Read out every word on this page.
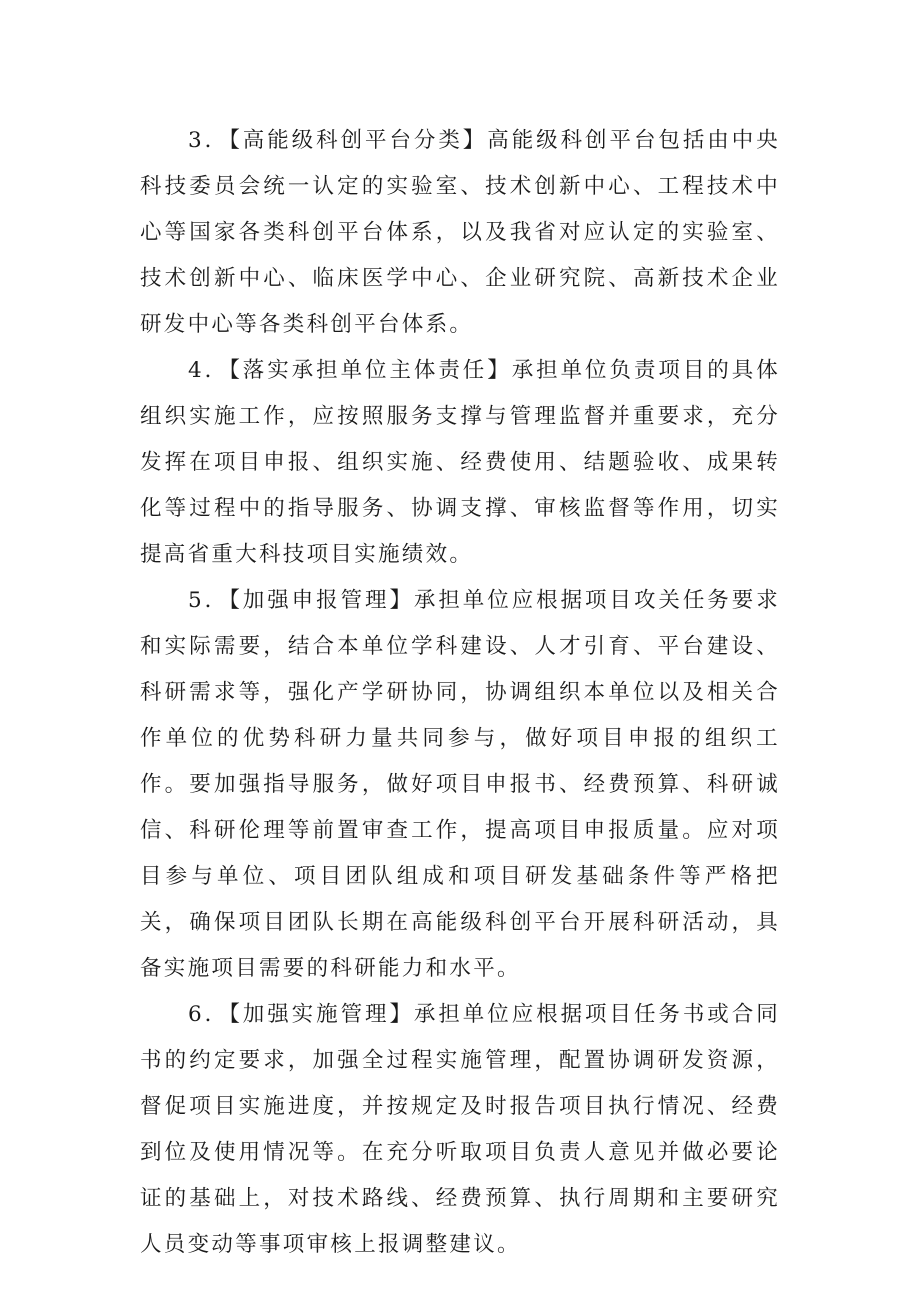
3．【高能级科创平台分类】高能级科创平台包括由中央科技委员会统一认定的实验室、技术创新中心、工程技术中心等国家各类科创平台体系，以及我省对应认定的实验室、技术创新中心、临床医学中心、企业研究院、高新技术企业研发中心等各类科创平台体系。

4．【落实承担单位主体责任】承担单位负责项目的具体组织实施工作，应按照服务支撑与管理监督并重要求，充分发挥在项目申报、组织实施、经费使用、结题验收、成果转化等过程中的指导服务、协调支撑、审核监督等作用，切实提高省重大科技项目实施绩效。

5．【加强申报管理】承担单位应根据项目攻关任务要求和实际需要，结合本单位学科建设、人才引育、平台建设、科研需求等，强化产学研协同，协调组织本单位以及相关合作单位的优势科研力量共同参与，做好项目申报的组织工作。要加强指导服务，做好项目申报书、经费预算、科研诚信、科研伦理等前置审查工作，提高项目申报质量。应对项目参与单位、项目团队组成和项目研发基础条件等严格把关，确保项目团队长期在高能级科创平台开展科研活动，具备实施项目需要的科研能力和水平。

6．【加强实施管理】承担单位应根据项目任务书或合同书的约定要求，加强全过程实施管理，配置协调研发资源，督促项目实施进度，并按规定及时报告项目执行情况、经费到位及使用情况等。在充分听取项目负责人意见并做必要论证的基础上，对技术路线、经费预算、执行周期和主要研究人员变动等事项审核上报调整建议。
